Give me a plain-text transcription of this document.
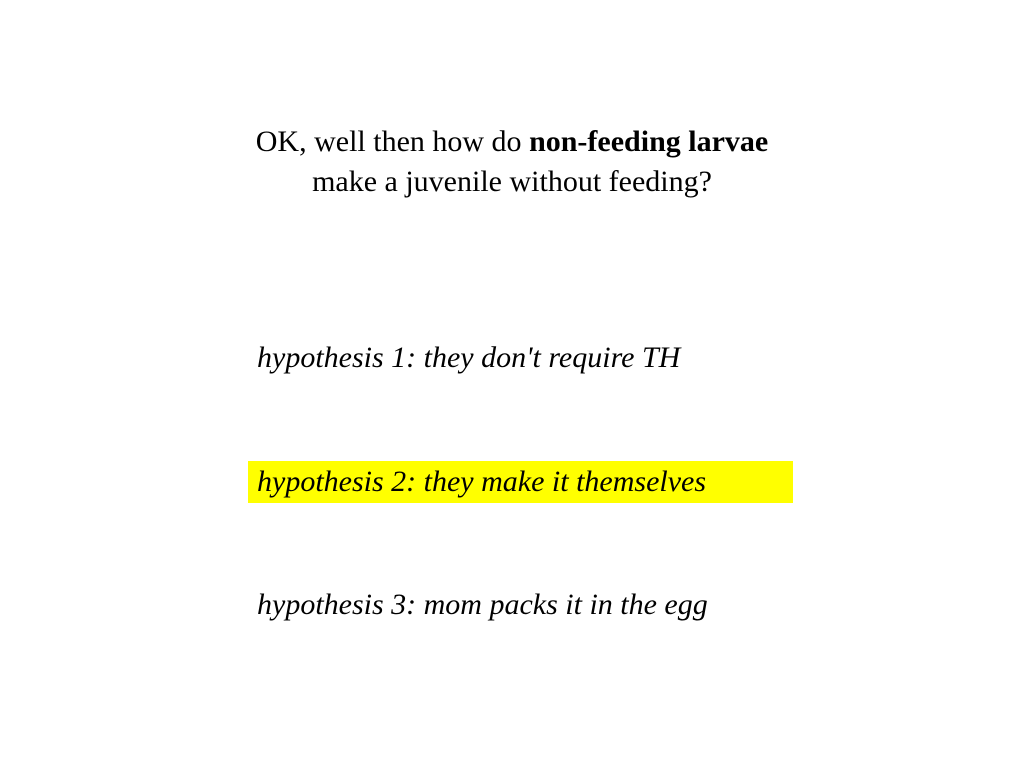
OK, well then how do non-feeding larvae
make a juvenile without feeding?
hypothesis 1: they don't require TH
hypothesis 2: they make it themselves
hypothesis 3: mom packs it in the egg
